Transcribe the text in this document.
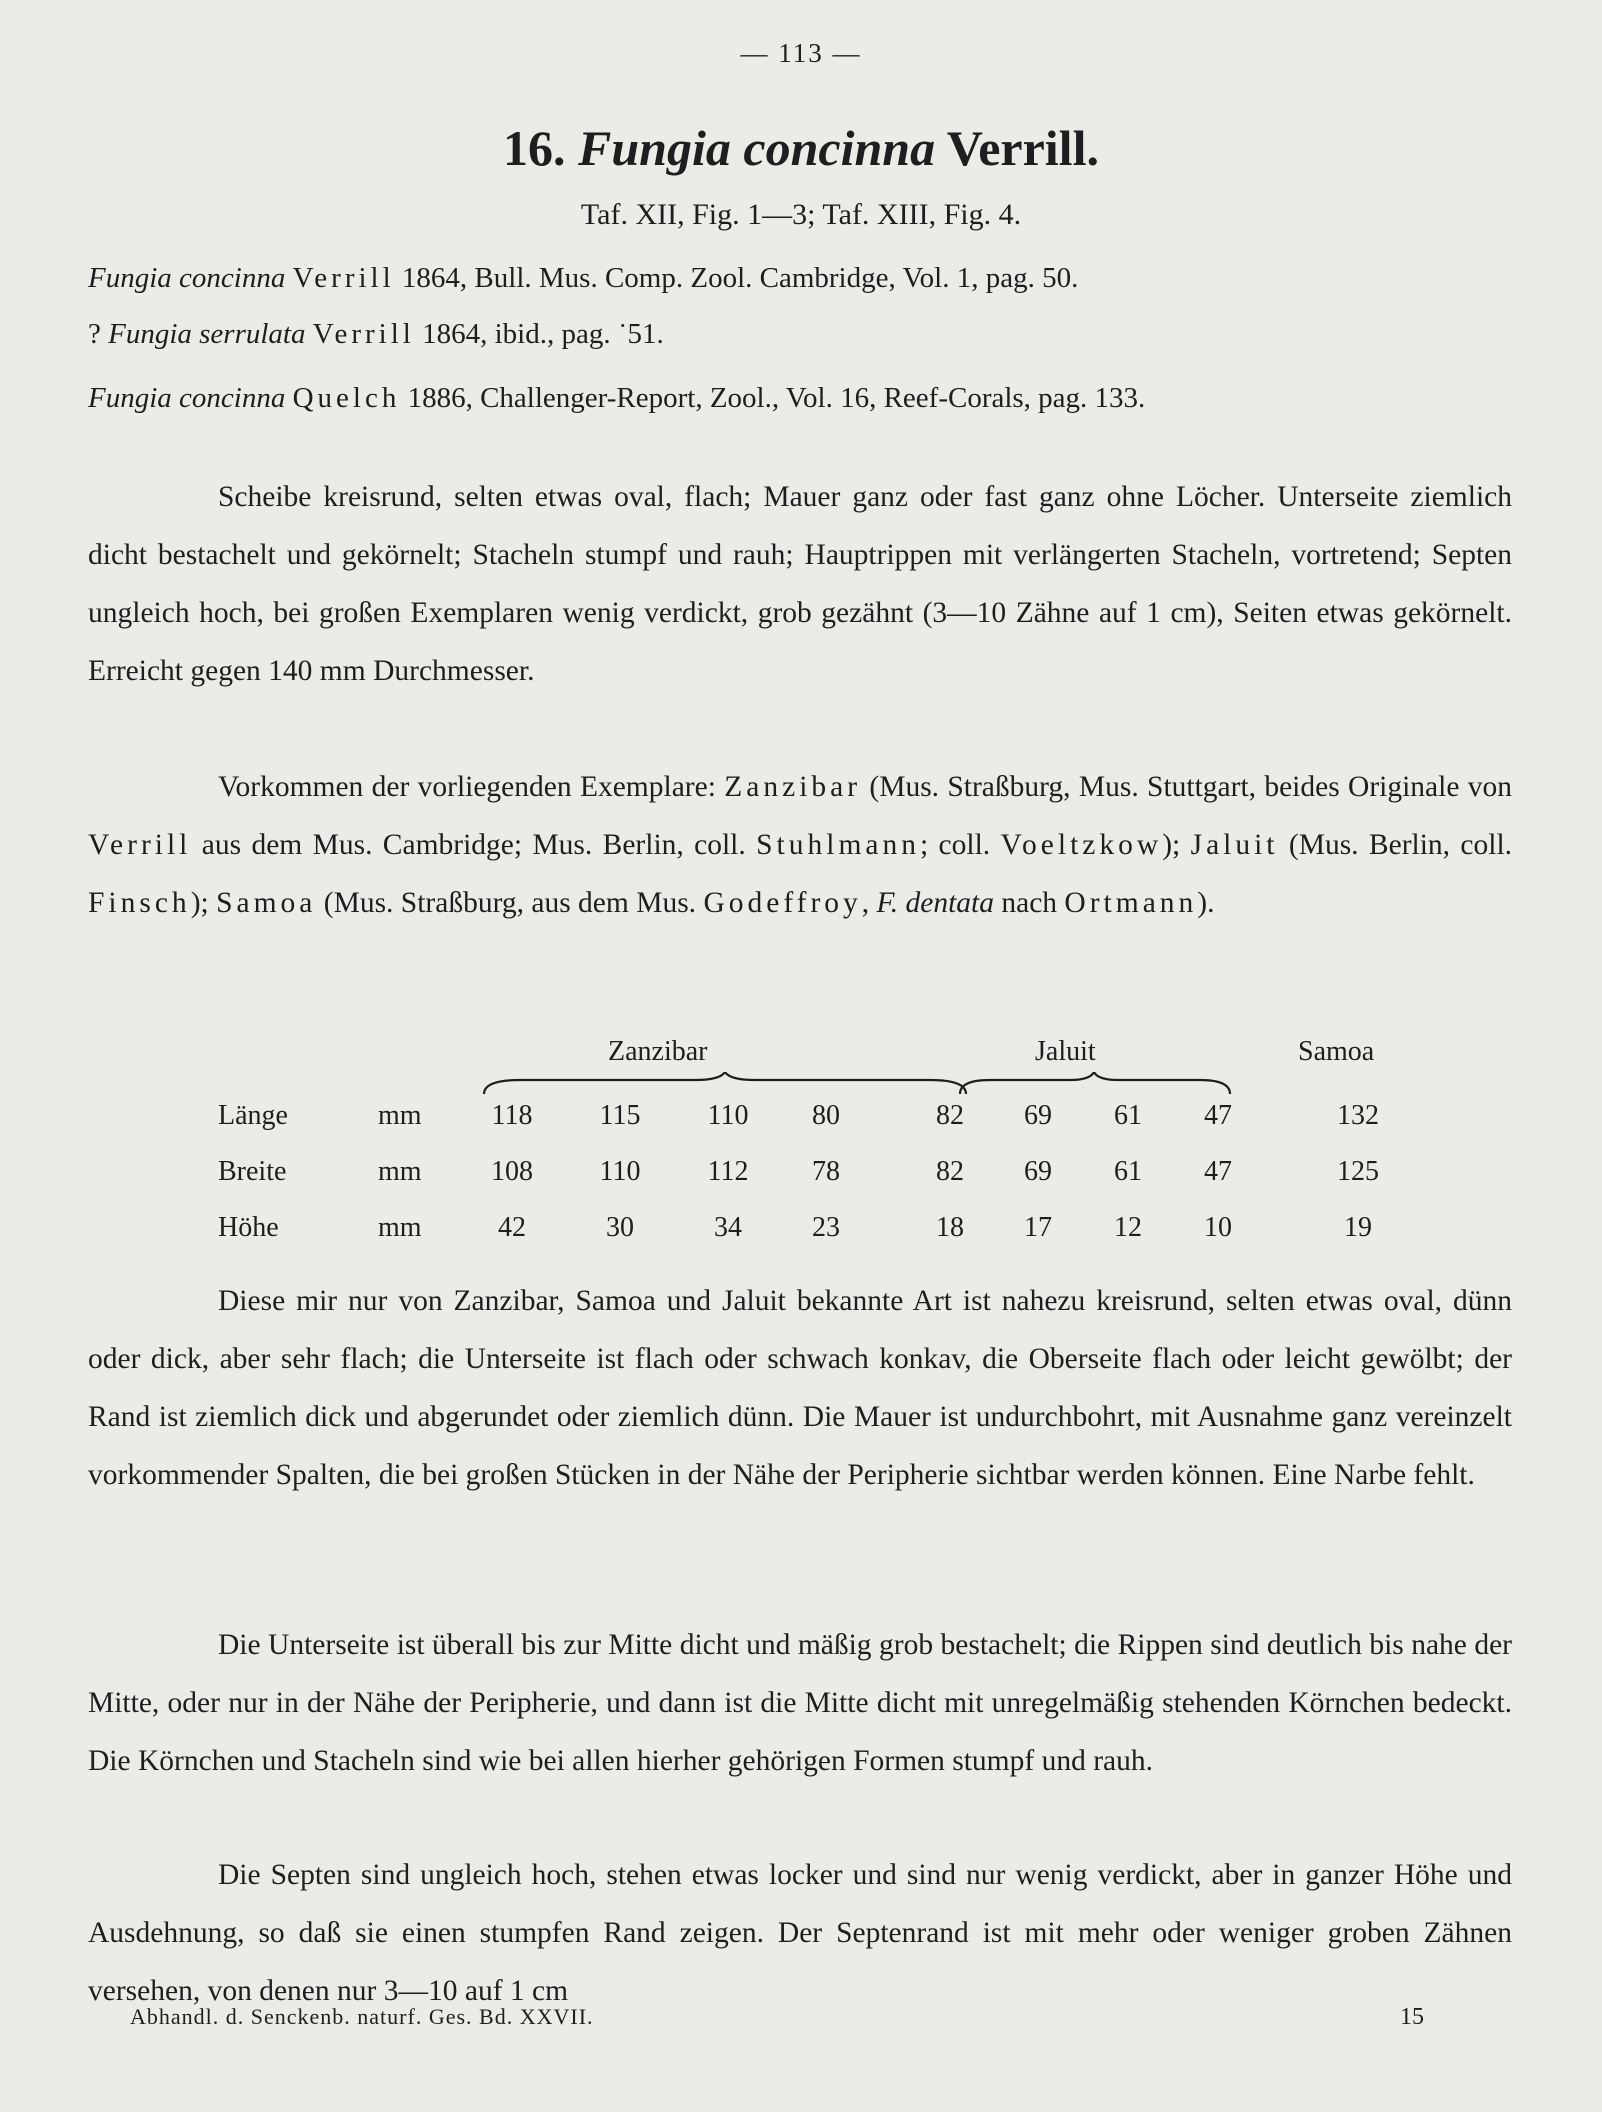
— 113 —
16. Fungia concinna Verrill.
Taf. XII, Fig. 1—3; Taf. XIII, Fig. 4.
Fungia concinna Verrill 1864, Bull. Mus. Comp. Zool. Cambridge, Vol. 1, pag. 50.
? Fungia serrulata Verrill 1864, ibid., pag. ˙51.
Fungia concinna Quelch 1886, Challenger-Report, Zool., Vol. 16, Reef-Corals, pag. 133.

Scheibe kreisrund, selten etwas oval, flach; Mauer ganz oder fast ganz ohne Löcher. Unterseite ziemlich dicht bestachelt und gekörnelt; Stacheln stumpf und rauh; Hauptrippen mit verlängerten Stacheln, vortretend; Septen ungleich hoch, bei großen Exemplaren wenig verdickt, grob gezähnt (3—10 Zähne auf 1 cm), Seiten etwas gekörnelt. Erreicht gegen 140 mm Durchmesser.

Vorkommen der vorliegenden Exemplare: Zanzibar (Mus. Straßburg, Mus. Stuttgart, beides Originale von Verrill aus dem Mus. Cambridge; Mus. Berlin, coll. Stuhlmann; coll. Voeltzkow); Jaluit (Mus. Berlin, coll. Finsch); Samoa (Mus. Straßburg, aus dem Mus. Godeffroy, F. dentata nach Ortmann).

Zanzibar	Jaluit	Samoa
Länge	mm	118	115	110	80	82	69	61	47	132
Breite	mm	108	110	112	78	82	69	61	47	125
Höhe	mm	42	30	34	23	18	17	12	10	19

Diese mir nur von Zanzibar, Samoa und Jaluit bekannte Art ist nahezu kreisrund, selten etwas oval, dünn oder dick, aber sehr flach; die Unterseite ist flach oder schwach konkav, die Oberseite flach oder leicht gewölbt; der Rand ist ziemlich dick und abgerundet oder ziemlich dünn. Die Mauer ist undurchbohrt, mit Ausnahme ganz vereinzelt vorkommender Spalten, die bei großen Stücken in der Nähe der Peripherie sichtbar werden können. Eine Narbe fehlt.

Die Unterseite ist überall bis zur Mitte dicht und mäßig grob bestachelt; die Rippen sind deutlich bis nahe der Mitte, oder nur in der Nähe der Peripherie, und dann ist die Mitte dicht mit unregelmäßig stehenden Körnchen bedeckt. Die Körnchen und Stacheln sind wie bei allen hierher gehörigen Formen stumpf und rauh.

Die Septen sind ungleich hoch, stehen etwas locker und sind nur wenig verdickt, aber in ganzer Höhe und Ausdehnung, so daß sie einen stumpfen Rand zeigen. Der Septenrand ist mit mehr oder weniger groben Zähnen versehen, von denen nur 3—10 auf 1 cm

Abhandl. d. Senckenb. naturf. Ges. Bd. XXVII.	15
